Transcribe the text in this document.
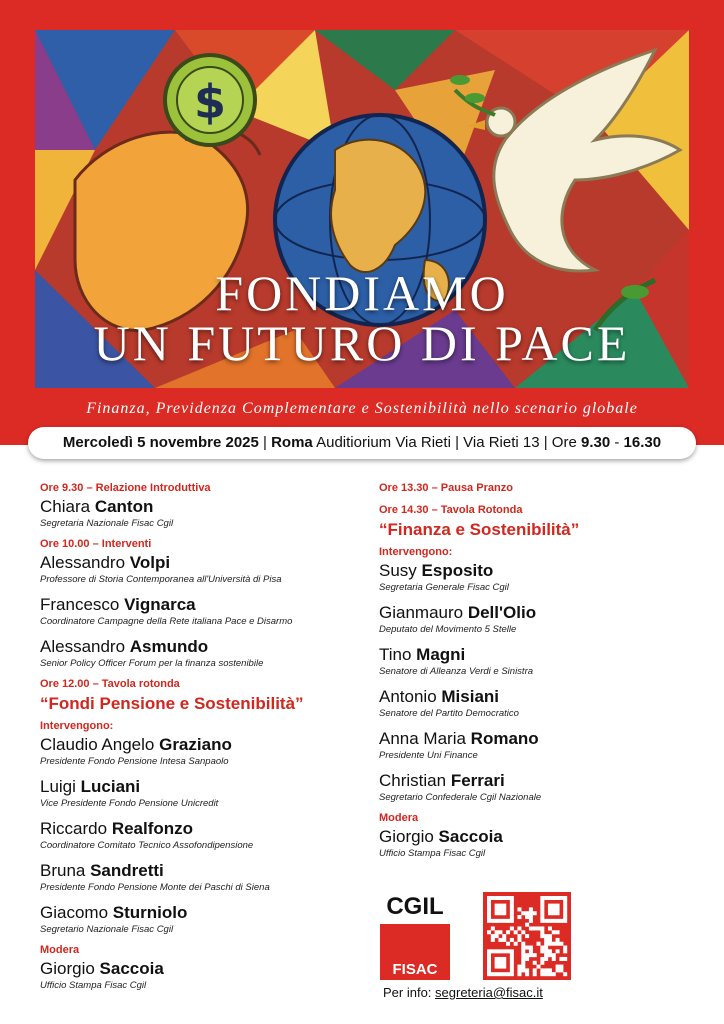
$
FONDIAMO
UN FUTURO DI PACE
Finanza, Previdenza Complementare e Sostenibilità nello scenario globale
Mercoledì 5 novembre 2025 | Roma Auditiorium Via Rieti | Via Rieti 13 | Ore 9.30 - 16.30
Ore 9.30 – Relazione Introduttiva
Chiara Canton
Segretaria Nazionale Fisac Cgil
Ore 10.00 – Interventi
Alessandro Volpi
Professore di Storia Contemporanea all'Università di Pisa
Francesco Vignarca
Coordinatore Campagne della Rete italiana Pace e Disarmo
Alessandro Asmundo
Senior Policy Officer Forum per la finanza sostenibile
Ore 12.00 – Tavola rotonda
“Fondi Pensione e Sostenibilità”
Intervengono:
Claudio Angelo Graziano
Presidente Fondo Pensione Intesa Sanpaolo
Luigi Luciani
Vice Presidente Fondo Pensione Unicredit
Riccardo Realfonzo
Coordinatore Comitato Tecnico Assofondipensione
Bruna Sandretti
Presidente Fondo Pensione Monte dei Paschi di Siena
Giacomo Sturniolo
Segretario Nazionale Fisac Cgil
Modera
Giorgio Saccoia
Ufficio Stampa Fisac Cgil
Ore 13.30 – Pausa Pranzo
Ore 14.30 – Tavola Rotonda
“Finanza e Sostenibilità”
Intervengono:
Susy Esposito
Segretaria Generale Fisac Cgil
Gianmauro Dell'Olio
Deputato del Movimento 5 Stelle
Tino Magni
Senatore di Alleanza Verdi e Sinistra
Antonio Misiani
Senatore del Partito Democratico
Anna Maria Romano
Presidente Uni Finance
Christian Ferrari
Segretario Confederale Cgil Nazionale
Modera
Giorgio Saccoia
Ufficio Stampa Fisac Cgil
CGIL
FISAC
Per info: segreteria@fisac.it
